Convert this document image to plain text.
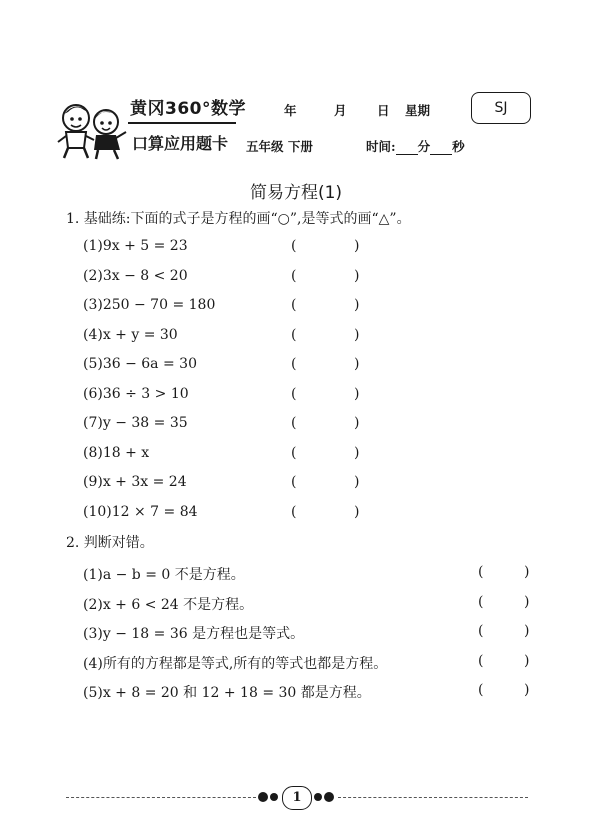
黄冈360°数学
口算应用题卡
年	月 日 星期	SJ
五年级 下册	时间: 分 秒
简易方程(1)
1. 基础练:下面的式子是方程的画“○”,是等式的画“△”。
(1)9x + 5 = 23	(	)
(2)3x − 8 < 20	(	)
(3)250 − 70 = 180	(	)
(4)x + y = 30	(	)
(5)36 − 6a = 30	(	)
(6)36 ÷ 3 > 10	(	)
(7)y − 38 = 35	(	)
(8)18 + x	(	)
(9)x + 3x = 24	(	)
(10)12 × 7 = 84	(	)
2. 判断对错。
(1)a − b = 0 不是方程。	(	)
(2)x + 6 < 24 不是方程。	(	)
(3)y − 18 = 36 是方程也是等式。	(	)
(4)所有的方程都是等式,所有的等式也都是方程。	(	)
(5)x + 8 = 20 和 12 + 18 = 30 都是方程。	(	)
1
